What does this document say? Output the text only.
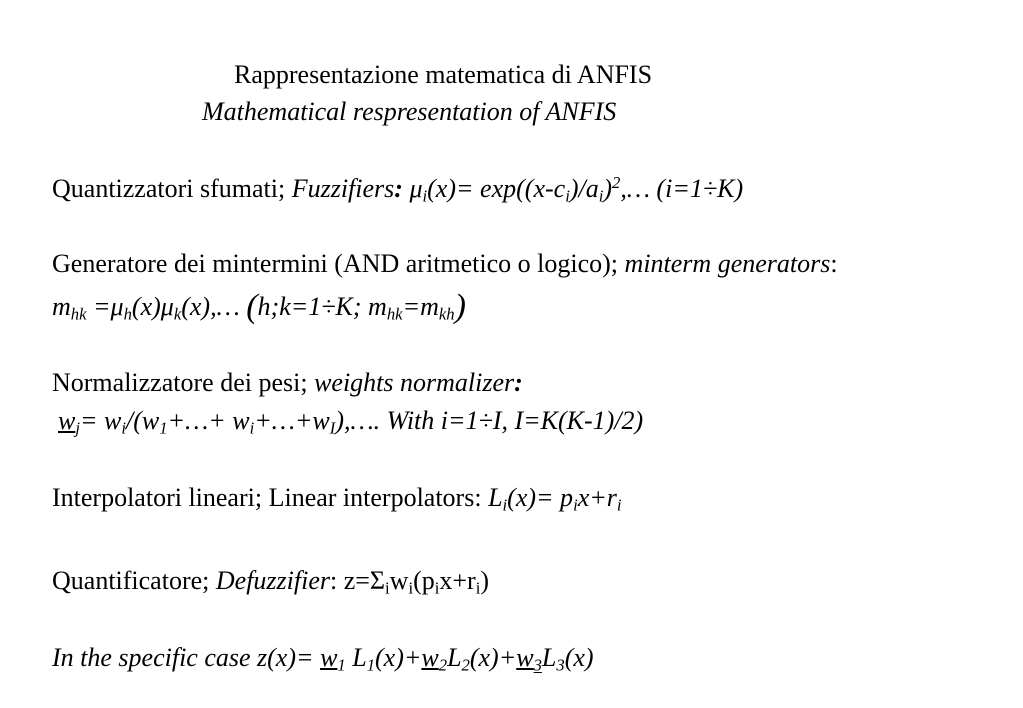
Rappresentazione matematica di ANFIS
Mathematical respresentation of ANFIS
Quantizzatori sfumati; Fuzzifiers: $\mu_i(x)=$ $\exp((x-c_i)/a_i)^2,\dots$ (i=1÷K)
Generatore dei mintermini (AND aritmetico o logico); minterm generators:
$m_{hk}$ $=\mu_h(x)\mu_k(x),\dots$ (h;k=1÷K; $m_{hk}=m_{kh}$)
Normalizzatore dei pesi; weights normalizer:
$w_j=$ $w_i/(w_1+\dots+$ $w_i+\dots+w_I),\dots$. With i=1÷I, I=K(K-1)/2)
Interpolatori lineari; Linear interpolators: $L_i(x)= p_ix+r_i$
Quantificatore; Defuzzifier: $z=\Sigma_iw_i(p_ix+r_i)$
In the specific case $z(x)= w_1$ $L_1(x)+w_2L_2(x)+w_3L_3(x)$
